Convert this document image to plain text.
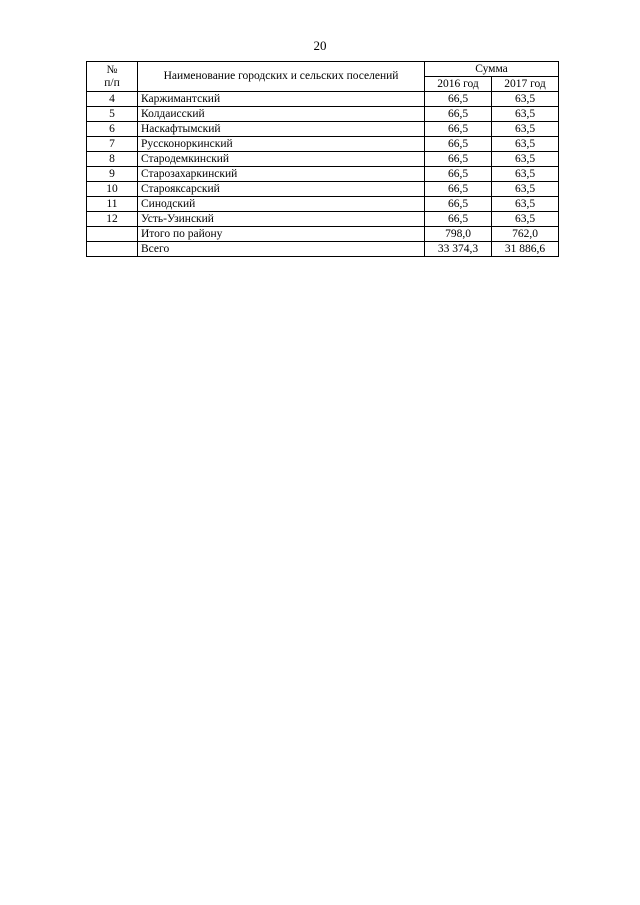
20
№
п/п	Наименование городских и сельских поселений	Сумма	
		2016 год	2017 год
4	Каржимантский	66,5	63,5
5	Колдаисский	66,5	63,5
6	Наскафтымский	66,5	63,5
7	Руссконоркинский	66,5	63,5
8	Стародемкинский	66,5	63,5
9	Старозахаркинский	66,5	63,5
10	Старояксарский	66,5	63,5
11	Синодский	66,5	63,5
12	Усть-Узинский	66,5	63,5
	Итого по району	798,0	762,0
	Всего	33 374,3	31 886,6
